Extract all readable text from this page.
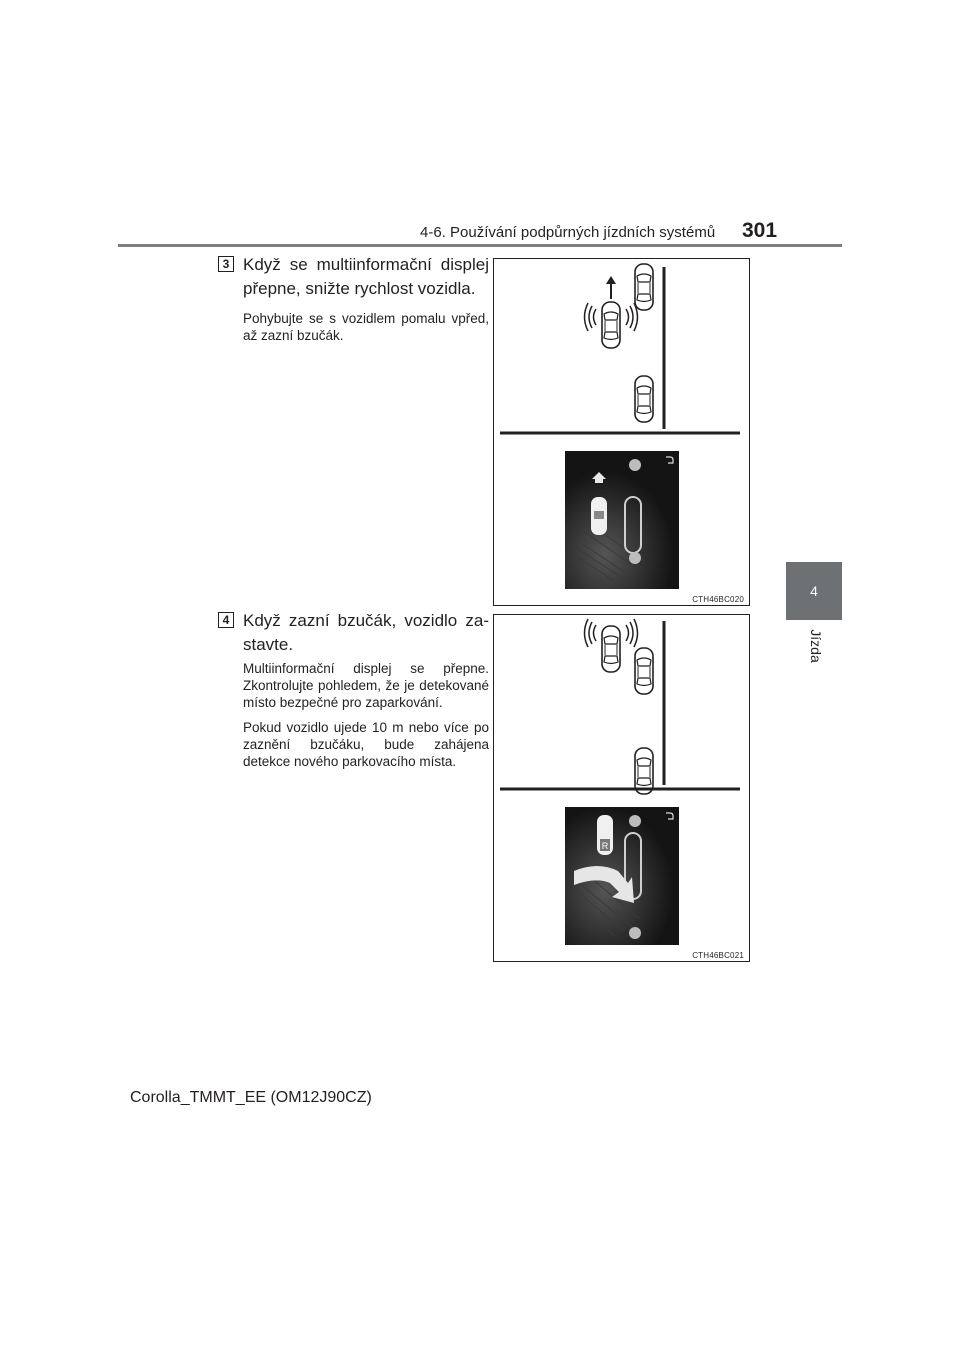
4-6. Používání podpůrných jízdních systémů 301
4
Jízda
3 Když se multiinformační displej přepne, snižte rychlost vozidla.

Pohybujte se s vozidlem pomalu vpřed, až zazní bzučák.

CTH46BC020
4 Když zazní bzučák, vozidlo zastavte.

Multiinformační displej se přepne. Zkontrolujte pohledem, že je detekované místo bezpečné pro zaparkování.

Pokud vozidlo ujede 10 m nebo více po zaznění bzučáku, bude zahájena detekce nového parkovacího místa.

R
CTH46BC021
Corolla_TMMT_EE (OM12J90CZ)
